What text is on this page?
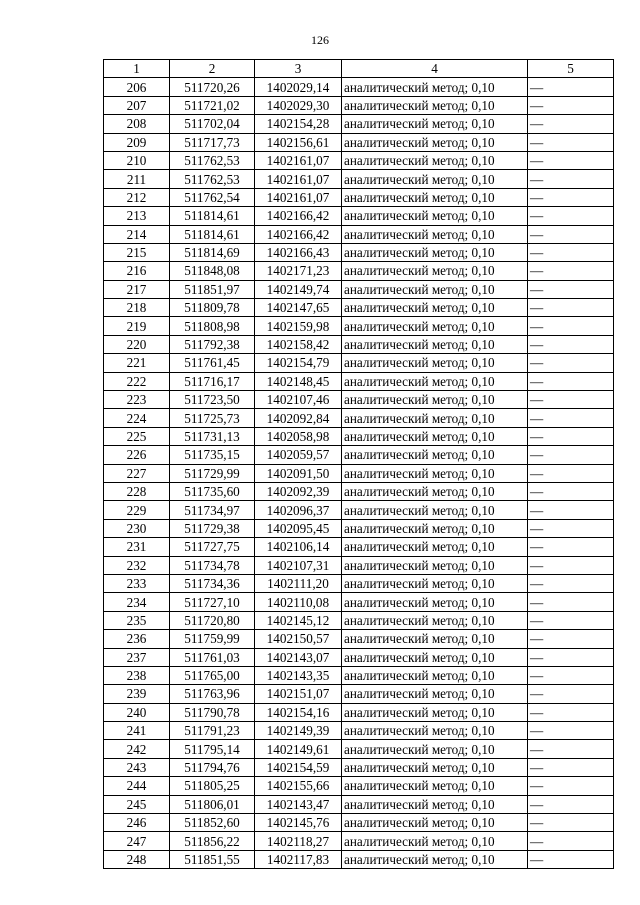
126
1	2	3	4	5
206	511720,26	1402029,14	аналитический метод; 0,10	—
207	511721,02	1402029,30	аналитический метод; 0,10	—
208	511702,04	1402154,28	аналитический метод; 0,10	—
209	511717,73	1402156,61	аналитический метод; 0,10	—
210	511762,53	1402161,07	аналитический метод; 0,10	—
211	511762,53	1402161,07	аналитический метод; 0,10	—
212	511762,54	1402161,07	аналитический метод; 0,10	—
213	511814,61	1402166,42	аналитический метод; 0,10	—
214	511814,61	1402166,42	аналитический метод; 0,10	—
215	511814,69	1402166,43	аналитический метод; 0,10	—
216	511848,08	1402171,23	аналитический метод; 0,10	—
217	511851,97	1402149,74	аналитический метод; 0,10	—
218	511809,78	1402147,65	аналитический метод; 0,10	—
219	511808,98	1402159,98	аналитический метод; 0,10	—
220	511792,38	1402158,42	аналитический метод; 0,10	—
221	511761,45	1402154,79	аналитический метод; 0,10	—
222	511716,17	1402148,45	аналитический метод; 0,10	—
223	511723,50	1402107,46	аналитический метод; 0,10	—
224	511725,73	1402092,84	аналитический метод; 0,10	—
225	511731,13	1402058,98	аналитический метод; 0,10	—
226	511735,15	1402059,57	аналитический метод; 0,10	—
227	511729,99	1402091,50	аналитический метод; 0,10	—
228	511735,60	1402092,39	аналитический метод; 0,10	—
229	511734,97	1402096,37	аналитический метод; 0,10	—
230	511729,38	1402095,45	аналитический метод; 0,10	—
231	511727,75	1402106,14	аналитический метод; 0,10	—
232	511734,78	1402107,31	аналитический метод; 0,10	—
233	511734,36	1402111,20	аналитический метод; 0,10	—
234	511727,10	1402110,08	аналитический метод; 0,10	—
235	511720,80	1402145,12	аналитический метод; 0,10	—
236	511759,99	1402150,57	аналитический метод; 0,10	—
237	511761,03	1402143,07	аналитический метод; 0,10	—
238	511765,00	1402143,35	аналитический метод; 0,10	—
239	511763,96	1402151,07	аналитический метод; 0,10	—
240	511790,78	1402154,16	аналитический метод; 0,10	—
241	511791,23	1402149,39	аналитический метод; 0,10	—
242	511795,14	1402149,61	аналитический метод; 0,10	—
243	511794,76	1402154,59	аналитический метод; 0,10	—
244	511805,25	1402155,66	аналитический метод; 0,10	—
245	511806,01	1402143,47	аналитический метод; 0,10	—
246	511852,60	1402145,76	аналитический метод; 0,10	—
247	511856,22	1402118,27	аналитический метод; 0,10	—
248	511851,55	1402117,83	аналитический метод; 0,10	—
